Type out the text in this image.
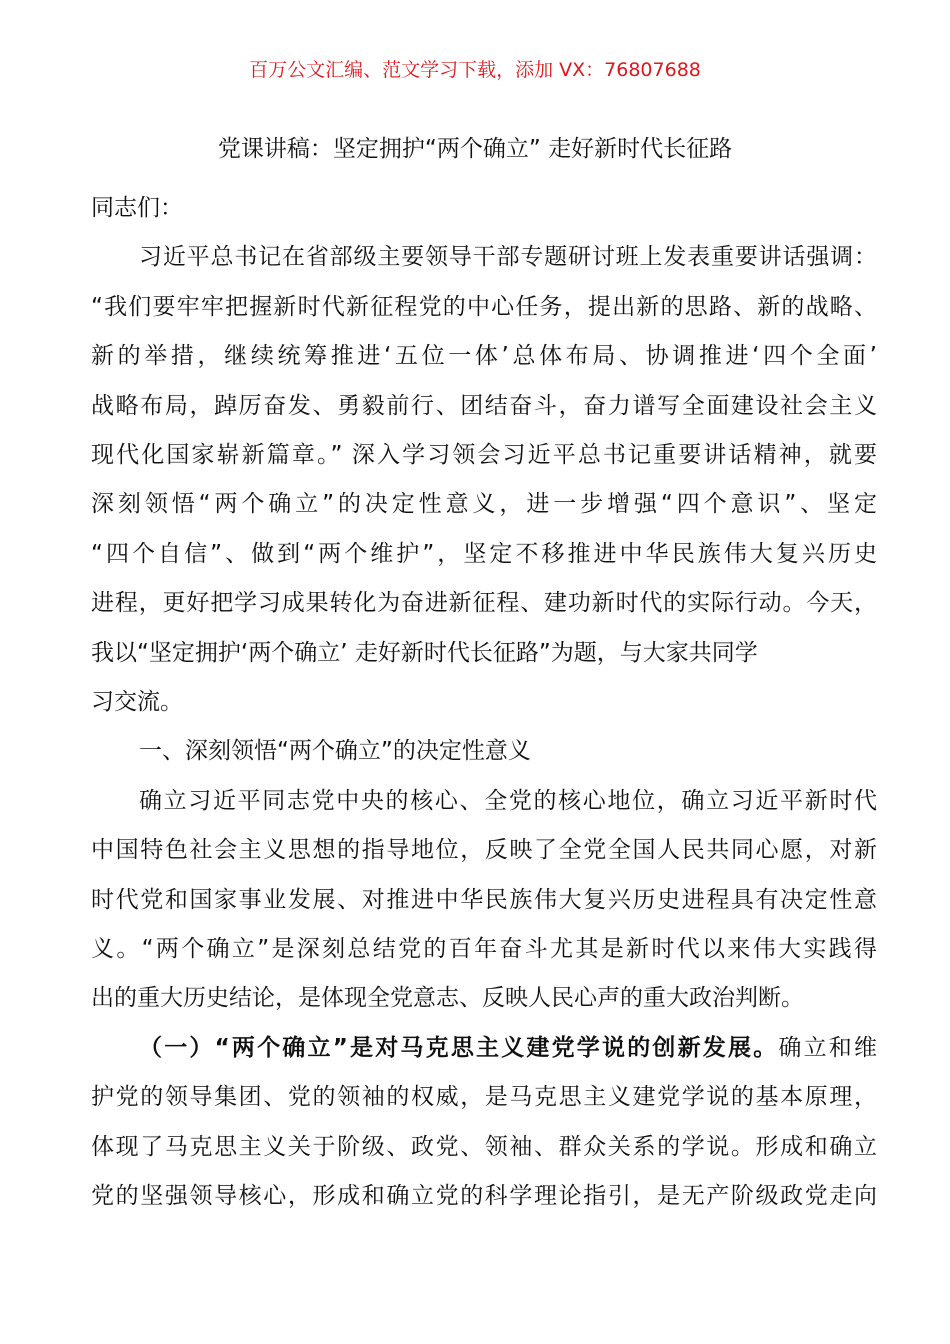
百万公文汇编、范文学习下载，添加 VX：76807688
党课讲稿：坚定拥护“两个确立” 走好新时代长征路
同志们：
习近平总书记在省部级主要领导干部专题研讨班上发表重要讲话强调：
“我们要牢牢把握新时代新征程党的中心任务，提出新的思路、新的战略、
新的举措，继续统筹推进‘五位一体’总体布局、协调推进‘四个全面’
战略布局，踔厉奋发、勇毅前行、团结奋斗，奋力谱写全面建设社会主义
现代化国家崭新篇章。” 深入学习领会习近平总书记重要讲话精神，就要
深刻领悟“两个确立”的决定性意义，进一步增强“四个意识”、坚定
“四个自信”、做到“两个维护”，坚定不移推进中华民族伟大复兴历史
进程，更好把学习成果转化为奋进新征程、建功新时代的实际行动。今天，
我以“坚定拥护‘两个确立’ 走好新时代长征路”为题，与大家共同学
习交流。
一、深刻领悟“两个确立”的决定性意义
确立习近平同志党中央的核心、全党的核心地位，确立习近平新时代
中国特色社会主义思想的指导地位，反映了全党全国人民共同心愿，对新
时代党和国家事业发展、对推进中华民族伟大复兴历史进程具有决定性意
义。“两个确立”是深刻总结党的百年奋斗尤其是新时代以来伟大实践得
出的重大历史结论，是体现全党意志、反映人民心声的重大政治判断。
（一）“两个确立”是对马克思主义建党学说的创新发展。确立和维
护党的领导集团、党的领袖的权威，是马克思主义建党学说的基本原理，
体现了马克思主义关于阶级、政党、领袖、群众关系的学说。形成和确立
党的坚强领导核心，形成和确立党的科学理论指引，是无产阶级政党走向
